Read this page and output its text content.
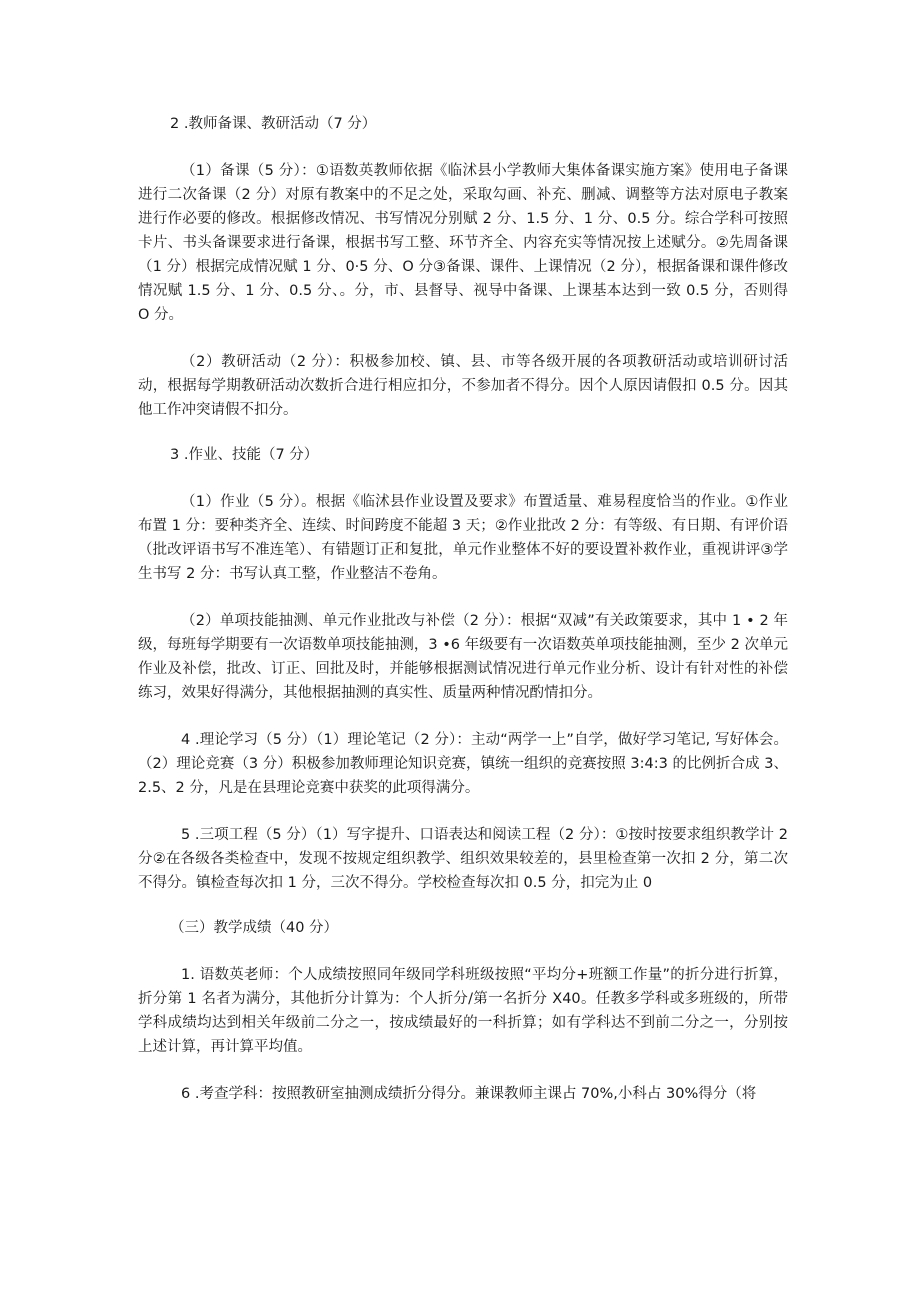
2 .教师备课、教研活动（7 分）

（1）备课（5 分）：①语数英教师依据《临沭县小学教师大集体备课实施方案》使用电子备课进行二次备课（2 分）对原有教案中的不足之处，采取勾画、补充、删减、调整等方法对原电子教案进行作必要的修改。根据修改情况、书写情况分别赋 2 分、1.5 分、1 分、0.5 分。综合学科可按照卡片、书头备课要求进行备课，根据书写工整、环节齐全、内容充实等情况按上述赋分。②先周备课（1 分）根据完成情况赋 1 分、0·5 分、O 分③备课、课件、上课情况（2 分），根据备课和课件修改情况赋 1.5 分、1 分、0.5 分、。分，市、县督导、视导中备课、上课基本达到一致 0.5 分，否则得 O 分。

（2）教研活动（2 分）：积极参加校、镇、县、市等各级开展的各项教研活动或培训研讨活动，根据每学期教研活动次数折合进行相应扣分，不参加者不得分。因个人原因请假扣 0.5 分。因其他工作冲突请假不扣分。

3 .作业、技能（7 分）

（1）作业（5 分）。根据《临沭县作业设置及要求》布置适量、难易程度恰当的作业。①作业布置 1 分：要种类齐全、连续、时间跨度不能超 3 天；②作业批改 2 分：有等级、有日期、有评价语（批改评语书写不准连笔）、有错题订正和复批，单元作业整体不好的要设置补救作业，重视讲评③学生书写 2 分：书写认真工整，作业整洁不卷角。

（2）单项技能抽测、单元作业批改与补偿（2 分）：根据“双减”有关政策要求，其中 1 • 2 年级，每班每学期要有一次语数单项技能抽测，3 •6 年级要有一次语数英单项技能抽测，至少 2 次单元作业及补偿，批改、订正、回批及时，并能够根据测试情况进行单元作业分析、设计有针对性的补偿练习，效果好得满分，其他根据抽测的真实性、质量两种情况酌情扣分。

4 .理论学习（5 分）（1）理论笔记（2 分）：主动“两学一上”自学，做好学习笔记, 写好体会。（2）理论竞赛（3 分）积极参加教师理论知识竞赛，镇统一组织的竞赛按照 3:4:3 的比例折合成 3、2.5、2 分，凡是在县理论竞赛中获奖的此项得满分。

5 .三项工程（5 分）（1）写字提升、口语表达和阅读工程（2 分）：①按时按要求组织教学计 2 分②在各级各类检查中，发现不按规定组织教学、组织效果较差的，县里检查第一次扣 2 分，第二次不得分。镇检查每次扣 1 分，三次不得分。学校检查每次扣 0.5 分，扣完为止 0

（三）教学成绩（40 分）

1. 语数英老师：个人成绩按照同年级同学科班级按照“平均分+班额工作量”的折分进行折算，折分第 1 名者为满分，其他折分计算为：个人折分/第一名折分 X40。任教多学科或多班级的，所带学科成绩均达到相关年级前二分之一，按成绩最好的一科折算；如有学科达不到前二分之一，分别按上述计算，再计算平均值。

6 .考查学科：按照教研室抽测成绩折分得分。兼课教师主课占 70%,小科占 30%得分（将
